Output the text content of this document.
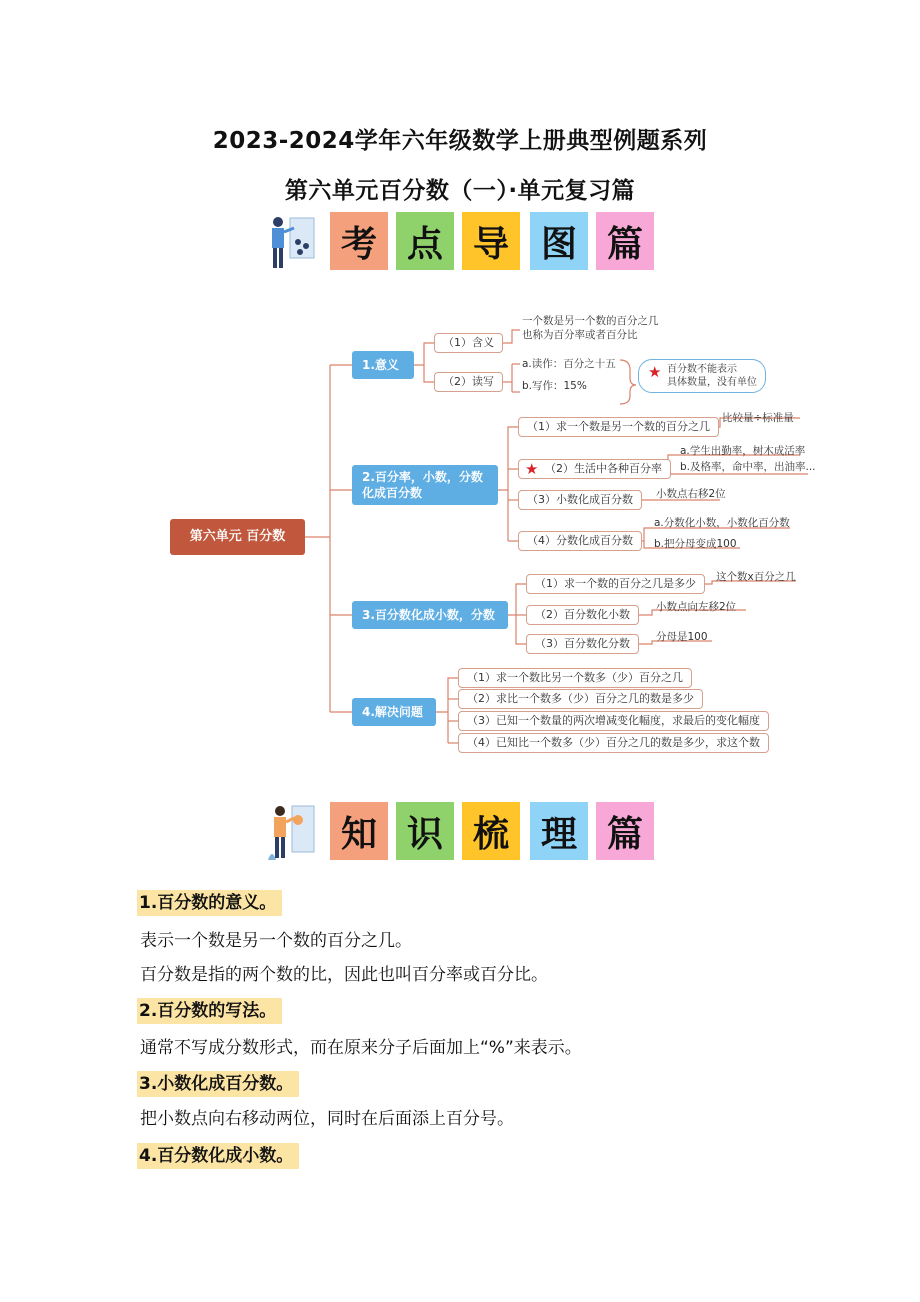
2023-2024学年六年级数学上册典型例题系列
第六单元百分数（一）·单元复习篇
考 点 导 图 篇
第六单元 百分数
1.意义
2.百分率，小数，分数
化成百分数
3.百分数化成小数，分数
4.解决问题
（1）含义
（2）读写
一个数是另一个数的百分之几
也称为百分率或者百分比
a.读作：百分之十五
b.写作：15%
★ 百分数不能表示
具体数量，没有单位
（1）求一个数是另一个数的百分之几
★ （2）生活中各种百分率
（3）小数化成百分数
（4）分数化成百分数
比较量÷标准量
a.学生出勤率，树木成活率
b.及格率，命中率，出油率...
小数点右移2位
a.分数化小数，小数化百分数
b.把分母变成100
（1）求一个数的百分之几是多少
（2）百分数化小数
（3）百分数化分数
这个数x百分之几
小数点向左移2位
分母是100
（1）求一个数比另一个数多（少）百分之几
（2）求比一个数多（少）百分之几的数是多少
（3）已知一个数量的两次增减变化幅度，求最后的变化幅度
（4）已知比一个数多（少）百分之几的数是多少，求这个数
知 识 梳 理 篇
1.百分数的意义。
表示一个数是另一个数的百分之几。
百分数是指的两个数的比，因此也叫百分率或百分比。
2.百分数的写法。
通常不写成分数形式，而在原来分子后面加上“%”来表示。
3.小数化成百分数。
把小数点向右移动两位，同时在后面添上百分号。
4.百分数化成小数。
